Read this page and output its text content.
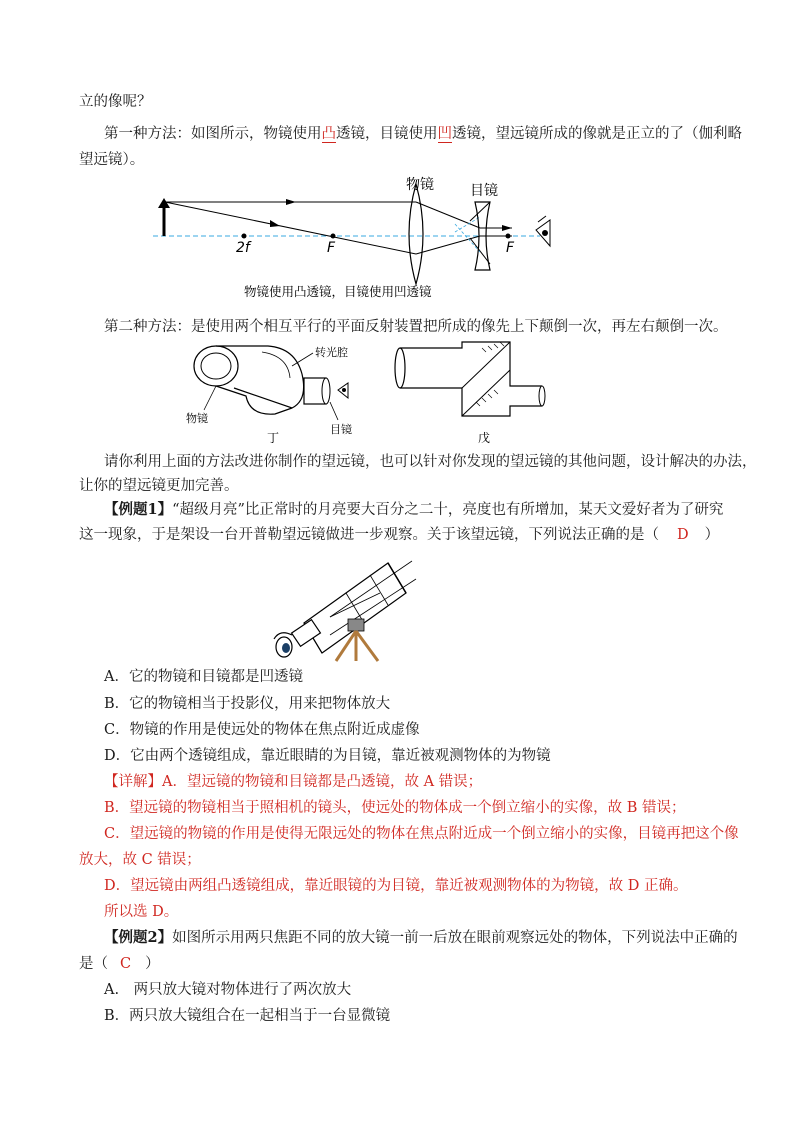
立的像呢？
第一种方法：如图所示，物镜使用凸透镜，目镜使用凹透镜，望远镜所成的像就是正立的了（伽利略
望远镜）。
物镜	目镜
2f	F	F
物镜使用凸透镜，目镜使用凹透镜
第二种方法：是使用两个相互平行的平面反射装置把所成的像先上下颠倒一次，再左右颠倒一次。
转光腔
物镜
目镜
丁	戊
请你利用上面的方法改进你制作的望远镜，也可以针对你发现的望远镜的其他问题，设计解决的办法，
让你的望远镜更加完善。
【例题1】“超级月亮”比正常时的月亮要大百分之二十，亮度也有所增加，某天文爱好者为了研究
这一现象，于是架设一台开普勒望远镜做进一步观察。关于该望远镜，下列说法正确的是（ D ）
A．它的物镜和目镜都是凹透镜
B．它的物镜相当于投影仪，用来把物体放大
C．物镜的作用是使远处的物体在焦点附近成虚像
D．它由两个透镜组成，靠近眼睛的为目镜，靠近被观测物体的为物镜
【详解】A．望远镜的物镜和目镜都是凸透镜，故 A 错误；
B．望远镜的物镜相当于照相机的镜头，使远处的物体成一个倒立缩小的实像，故 B 错误；
C．望远镜的物镜的作用是使得无限远处的物体在焦点附近成一个倒立缩小的实像，目镜再把这个像
放大，故 C 错误；
D．望远镜由两组凸透镜组成，靠近眼镜的为目镜，靠近被观测物体的为物镜，故 D 正确。
所以选 D。
【例题2】如图所示用两只焦距不同的放大镜一前一后放在眼前观察远处的物体，下列说法中正确的
是（ C ）
A.　两只放大镜对物体进行了两次放大
B．两只放大镜组合在一起相当于一台显微镜
